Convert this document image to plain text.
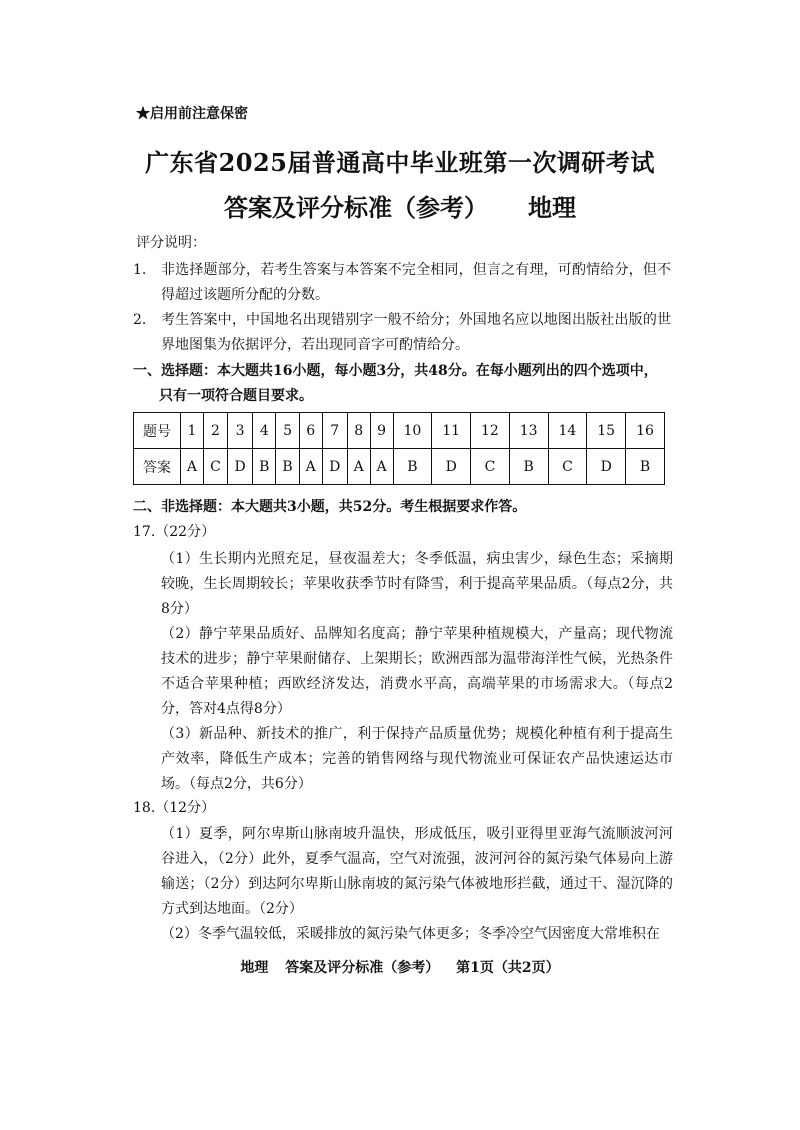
★启用前注意保密
广东省2025届普通高中毕业班第一次调研考试
答案及评分标准（参考） 地理
评分说明：
1. 非选择题部分，若考生答案与本答案不完全相同，但言之有理，可酌情给分，但不得超过该题所分配的分数。
2. 考生答案中，中国地名出现错别字一般不给分；外国地名应以地图出版社出版的世界地图集为依据评分，若出现同音字可酌情给分。
一、选择题：本大题共16小题，每小题3分，共48分。在每小题列出的四个选项中，
只有一项符合题目要求。
题号	1	2	3	4	5	6	7	8	9	10	11	12	13	14	15	16
答案	A	C	D	B	B	A	D	A	A	B	D	C	B	C	D	B
二、非选择题：本大题共3小题，共52分。考生根据要求作答。
17.（22分）
（1）生长期内光照充足，昼夜温差大；冬季低温，病虫害少，绿色生态；采摘期较晚，生长周期较长；苹果收获季节时有降雪，利于提高苹果品质。（每点2分，共8分）
（2）静宁苹果品质好、品牌知名度高；静宁苹果种植规模大，产量高；现代物流技术的进步；静宁苹果耐储存、上架期长；欧洲西部为温带海洋性气候，光热条件不适合苹果种植；西欧经济发达，消费水平高，高端苹果的市场需求大。（每点2分，答对4点得8分）
（3）新品种、新技术的推广，利于保持产品质量优势；规模化种植有利于提高生产效率，降低生产成本；完善的销售网络与现代物流业可保证农产品快速运达市场。（每点2分，共6分）
18.（12分）
（1）夏季，阿尔卑斯山脉南坡升温快，形成低压，吸引亚得里亚海气流顺波河河谷进入，（2分）此外，夏季气温高，空气对流强，波河河谷的氮污染气体易向上游输送；（2分）到达阿尔卑斯山脉南坡的氮污染气体被地形拦截，通过干、湿沉降的方式到达地面。（2分）
（2）冬季气温较低，采暖排放的氮污染气体更多；冬季冷空气因密度大常堆积在
地理 答案及评分标准（参考） 第1页（共2页）
